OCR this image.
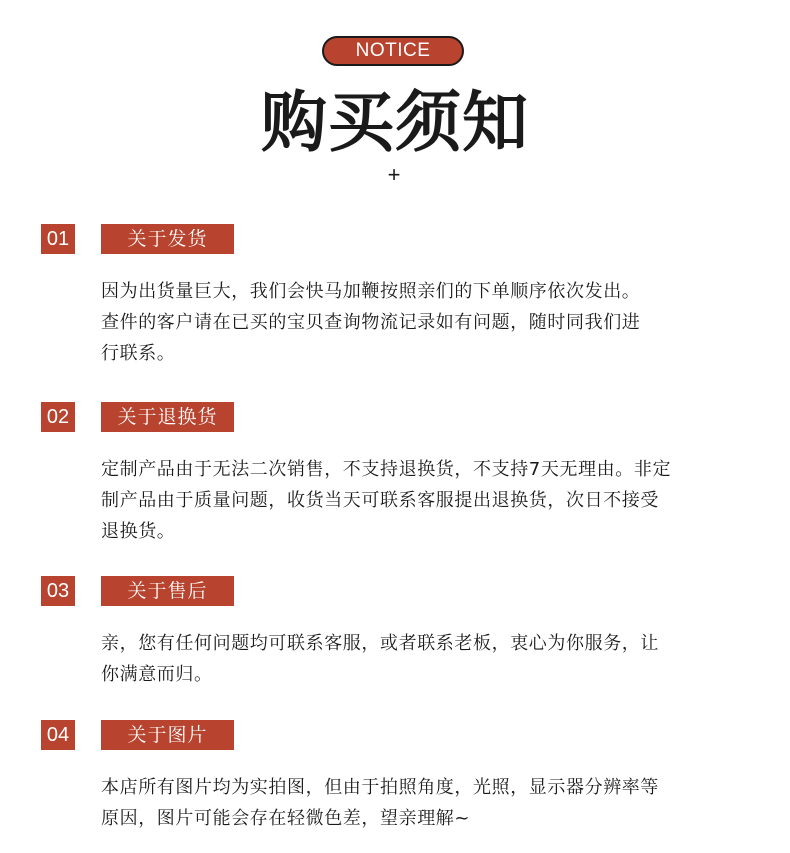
NOTICE
购买须知
+
01	关于发货
因为出货量巨大，我们会快马加鞭按照亲们的下单顺序依次发出。
查件的客户请在已买的宝贝查询物流记录如有问题，随时同我们进
行联系。
02	关于退换货
定制产品由于无法二次销售，不支持退换货，不支持7天无理由。非定
制产品由于质量问题，收货当天可联系客服提出退换货，次日不接受
退换货。
03	关于售后
亲，您有任何问题均可联系客服，或者联系老板，衷心为你服务，让
你满意而归。
04	关于图片
本店所有图片均为实拍图，但由于拍照角度，光照，显示器分辨率等
原因，图片可能会存在轻微色差，望亲理解~
